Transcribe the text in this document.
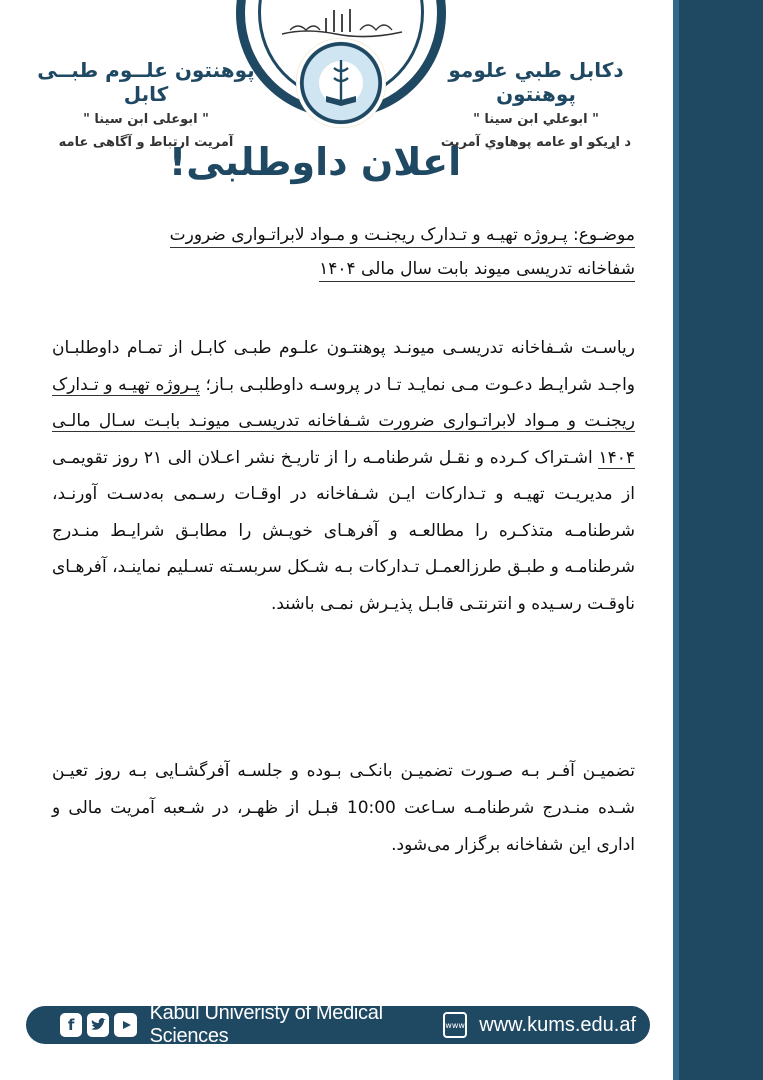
دکابل طبي علومو پوهنتون
" ابوعلي ابن سینا "
د اړیکو او عامه پوهاوي آمریت
پوهنتون علــوم طبــی کابل
" ابوعلی ابن سینا "
آمریت ارتباط و آگاهی عامه
اعلان داوطلبی!
موضـوع: پـروژه تهیـه و تـدارک ریجنـت و مـواد لابراتـواری ضرورت
شفاخانه تدریسی میوند بابت سال مالی ۱۴۰۴
ریاسـت شـفاخانه تدریسـی میونـد پوهنتـون علـوم طبـی کابـل از تمـام داوطلبـان واجـد شرایـط دعـوت مـی نمایـد تـا در پروسـه داوطلبـی بـاز؛ پـروژه تهیـه و تـدارک ریجنـت و مـواد لابراتـواری ضرورت شـفاخانه تدریسـی میونـد بابـت سـال مالـی ۱۴۰۴ اشـتراک کـرده و نقـل شرطنامـه را از تاریـخ نشر اعـلان الی ۲۱ روز تقویمـی از مدیریـت تهیـه و تـدارکات ایـن شـفاخانه در اوقـات رسـمی به‌دسـت آورنـد، شرطنامـه متذکـره را مطالعـه و آفرهـای خویـش را مطابـق شرایـط منـدرج شرطنامـه و طبـق طرزالعمـل تـدارکات بـه شـکل سربسـته تسـلیم نماینـد، آفرهـای ناوقـت رسـیده و انترنتـی قابـل پذیـرش نمـی باشند.
تضمیـن آفـر بـه صـورت تضمیـن بانکـی بـوده و جلسـه آفرگشـایی بـه روز تعیـن شـده منـدرج شرطنامـه سـاعت 10:00 قبـل از ظهـر، در شـعبه آمریت مالی و اداری این شفاخانه برگزار می‌شود.
f
Kabul Univeristy of Medical Sciences	www www.kums.edu.af
